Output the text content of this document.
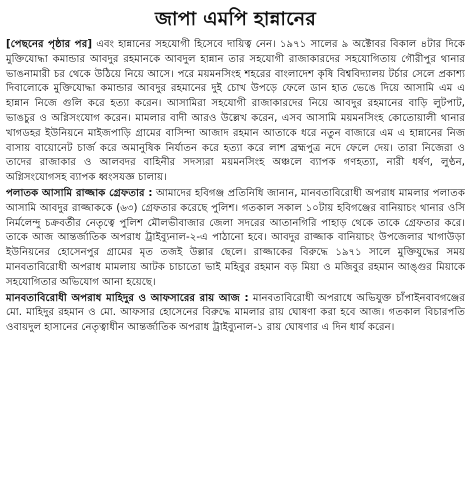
জাপা এমপি হান্নানের

[পেছনের পৃষ্ঠার পর] এবং হান্নানের সহযোগী হিসেবে দায়িত্ব নেন। ১৯৭১ সালের ৯ অক্টোবর বিকাল ৪টার দিকে মুক্তিযোদ্ধা কমান্ডার আবদুর রহমানকে আবদুল হান্নান তার সহযোগী রাজাকারদের সহযোগিতায় গৌরীপুর থানার ভাঙনামারী চর থেকে উঠিয়ে নিয়ে আসে। পরে ময়মনসিংহ শহরের বাংলাদেশ কৃষি বিশ্ববিদ্যালয় টর্চার সেলে প্রকাশ্য দিবালোকে মুক্তিযোদ্ধা কমান্ডার আবদুর রহমানের দুই চোখ উপড়ে ফেলে ডান হাত ভেঙে দিয়ে আসামি এম এ হান্নান নিজে গুলি করে হত্যা করেন। আসামিরা সহযোগী রাজাকারদের নিয়ে আবদুর রহমানের বাড়ি লুটপাট, ভাঙচুর ও অগ্নিসংযোগ করেন। মামলার বাদী আরও উল্লেখ করেন, এসব আসামি ময়মনসিংহ কোতোয়ালী থানার খাগডহর ইউনিয়নে মাইজপাড়ি গ্রামের বাসিন্দা আজাদ রহমান আতাকে ধরে নতুন বাজারে এম এ হান্নানের নিজ বাসায় বায়োনেট চার্জ করে অমানুষিক নির্যাতন করে হত্যা করে লাশ ব্রহ্মপুত্র নদে ফেলে দেয়। তারা নিজেরা ও তাদের রাজাকার ও আলবদর বাহিনীর সদস্যরা ময়মনসিংহ অঞ্চলে ব্যাপক গণহত্যা, নারী ধর্ষণ, লুণ্ঠন, অগ্নিসংযোগসহ ব্যাপক ধ্বংসযজ্ঞ চালায়।

পলাতক আসামি রাজ্জাক গ্রেফতার : আমাদের হবিগঞ্জ প্রতিনিধি জানান, মানবতাবিরোধী অপরাধ মামলার পলাতক আসামি আবদুর রাজ্জাককে (৬৩) গ্রেফতার করেছে পুলিশ। গতকাল সকাল ১০টায় হবিগঞ্জের বানিয়াচং থানার ওসি নির্মলেন্দু চক্রবর্তীর নেতৃত্বে পুলিশ মৌলভীবাজার জেলা সদরের আতানগিরি পাহাড় থেকে তাকে গ্রেফতার করে। তাকে আজ আন্তর্জাতিক অপরাধ ট্রাইব্যুনাল-২-এ পাঠানো হবে। আবদুর রাজ্জাক বানিয়াচং উপজেলার খাগাউড়া ইউনিয়নের হোসেনপুর গ্রামের মৃত তজই উল্লার ছেলে। রাজ্জাকের বিরুদ্ধে ১৯৭১ সালে মুক্তিযুদ্ধের সময় মানবতাবিরোধী অপরাধ মামলায় আটক চাচাতো ভাই মহিবুর রহমান বড় মিয়া ও মজিবুর রহমান আঙ্গুর মিয়াকে সহযোগিতার অভিযোগ আনা হয়েছে।

মানবতাবিরোধী অপরাধ মাহিদুর ও আফসারের রায় আজ : মানবতাবিরোধী অপরাধে অভিযুক্ত চাঁপাইনবাবগঞ্জের মো. মাহিদুর রহমান ও মো. আফসার হোসেনের বিরুদ্ধে মামলার রায় ঘোষণা করা হবে আজ। গতকাল বিচারপতি ওবায়দুল হাসানের নেতৃত্বাধীন আন্তর্জাতিক অপরাধ ট্রাইব্যুনাল-১ রায় ঘোষণার এ দিন ধার্য করেন।
